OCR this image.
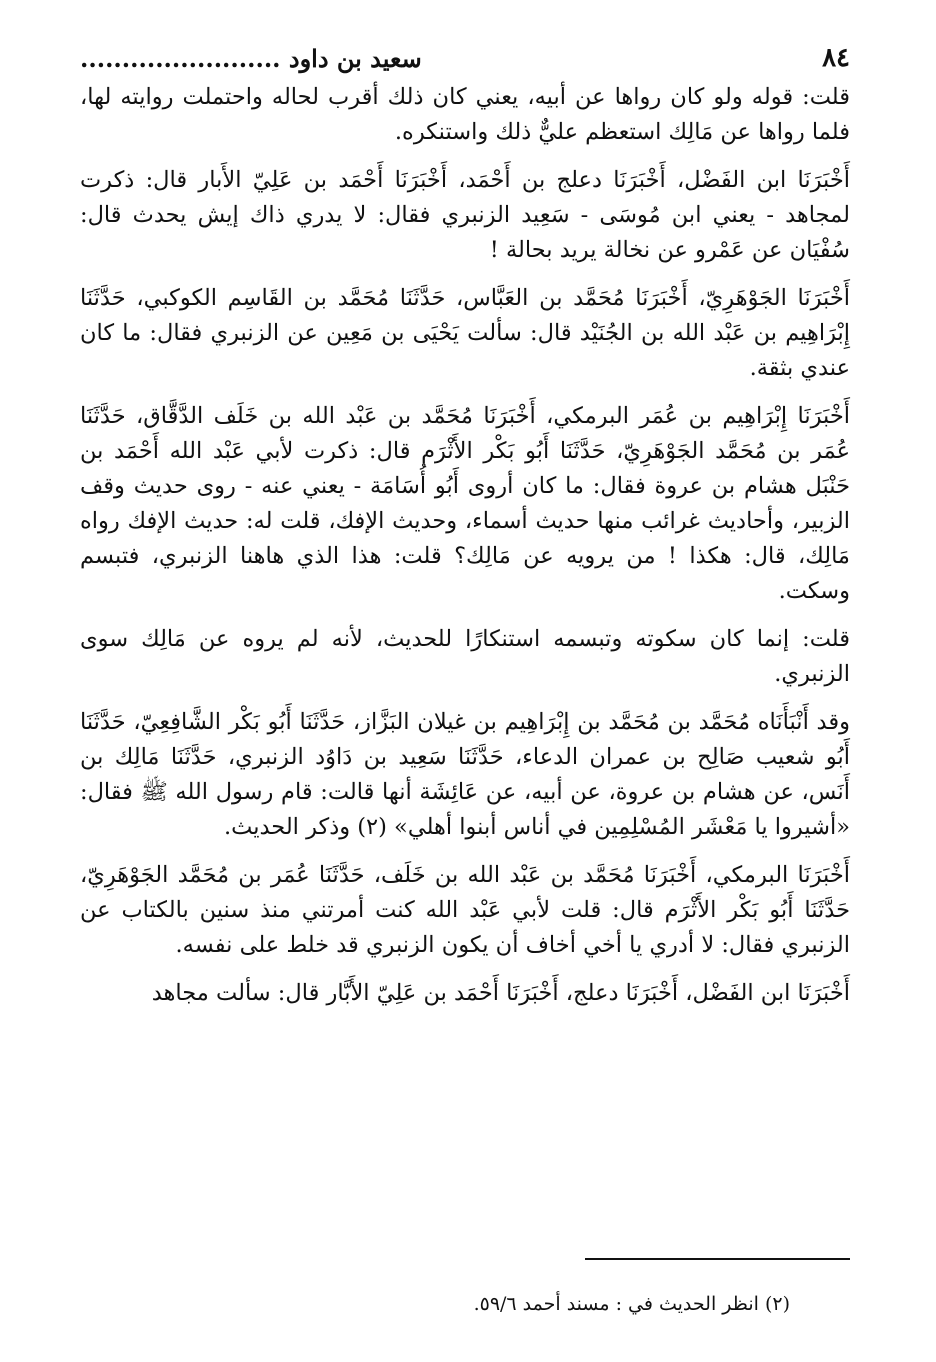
٨٤
سعيد بن داود ........................

قلت: قوله ولو كان رواها عن أبيه، يعني كان ذلك أقرب لحاله واحتملت روايته لها، فلما رواها عن مَالِك استعظم عليٌّ ذلك واستنكره.

أَخْبَرَنَا ابن الفَضْل، أَخْبَرَنَا دعلج بن أَحْمَد، أَخْبَرَنَا أَحْمَد بن عَلِيّ الأَبار قال: ذكرت لمجاهد - يعني ابن مُوسَى - سَعِيد الزنبري فقال: لا يدري ذاك إيش يحدث قال: سُفْيَان عن عَمْرو عن نخالة يريد بحالة !

أَخْبَرَنَا الجَوْهَرِيّ، أَخْبَرَنَا مُحَمَّد بن العَبَّاس، حَدَّثَنَا مُحَمَّد بن القَاسِم الكوكبي، حَدَّثَنَا إِبْرَاهِيم بن عَبْد الله بن الجُنَيْد قال: سألت يَحْيَى بن مَعِين عن الزنبري فقال: ما كان عندي بثقة.

أَخْبَرَنَا إِبْرَاهِيم بن عُمَر البرمكي، أَخْبَرَنَا مُحَمَّد بن عَبْد الله بن خَلَف الدَّقَّاق، حَدَّثَنَا عُمَر بن مُحَمَّد الجَوْهَرِيّ، حَدَّثَنَا أَبُو بَكْر الأَثْرَم قال: ذكرت لأبي عَبْد الله أَحْمَد بن حَنْبَل هشام بن عروة فقال: ما كان أروى أَبُو أُسَامَة - يعني عنه - روى حديث وقف الزبير، وأحاديث غرائب منها حديث أسماء، وحديث الإفك، قلت له: حديث الإفك رواه مَالِك، قال: هكذا ! من يرويه عن مَالِك؟ قلت: هذا الذي هاهنا الزنبري، فتبسم وسكت.

قلت: إنما كان سكوته وتبسمه استنكارًا للحديث، لأنه لم يروه عن مَالِك سوى الزنبري.

وقد أَنْبَأَنَاه مُحَمَّد بن مُحَمَّد بن إِبْرَاهِيم بن غيلان البَزَّاز، حَدَّثَنَا أَبُو بَكْر الشَّافِعِيّ، حَدَّثَنَا أَبُو شعيب صَالِح بن عمران الدعاء، حَدَّثَنَا سَعِيد بن دَاوُد الزنبري، حَدَّثَنَا مَالِك بن أَنَس، عن هشام بن عروة، عن أبيه، عن عَائِشَة أنها قالت: قام رسول الله ﷺ فقال: «أشيروا يا مَعْشَر المُسْلِمِين في أناس أبنوا أهلي» (٢) وذكر الحديث.

أَخْبَرَنَا البرمكي، أَخْبَرَنَا مُحَمَّد بن عَبْد الله بن خَلَف، حَدَّثَنَا عُمَر بن مُحَمَّد الجَوْهَرِيّ، حَدَّثَنَا أَبُو بَكْر الأَثْرَم قال: قلت لأبي عَبْد الله كنت أمرتني منذ سنين بالكتاب عن الزنبري فقال: لا أدري يا أخي أخاف أن يكون الزنبري قد خلط على نفسه.

أَخْبَرَنَا ابن الفَضْل، أَخْبَرَنَا دعلج، أَخْبَرَنَا أَحْمَد بن عَلِيّ الأَبَّار قال: سألت مجاهد

(٢) انظر الحديث في : مسند أحمد ٥٩/٦.
